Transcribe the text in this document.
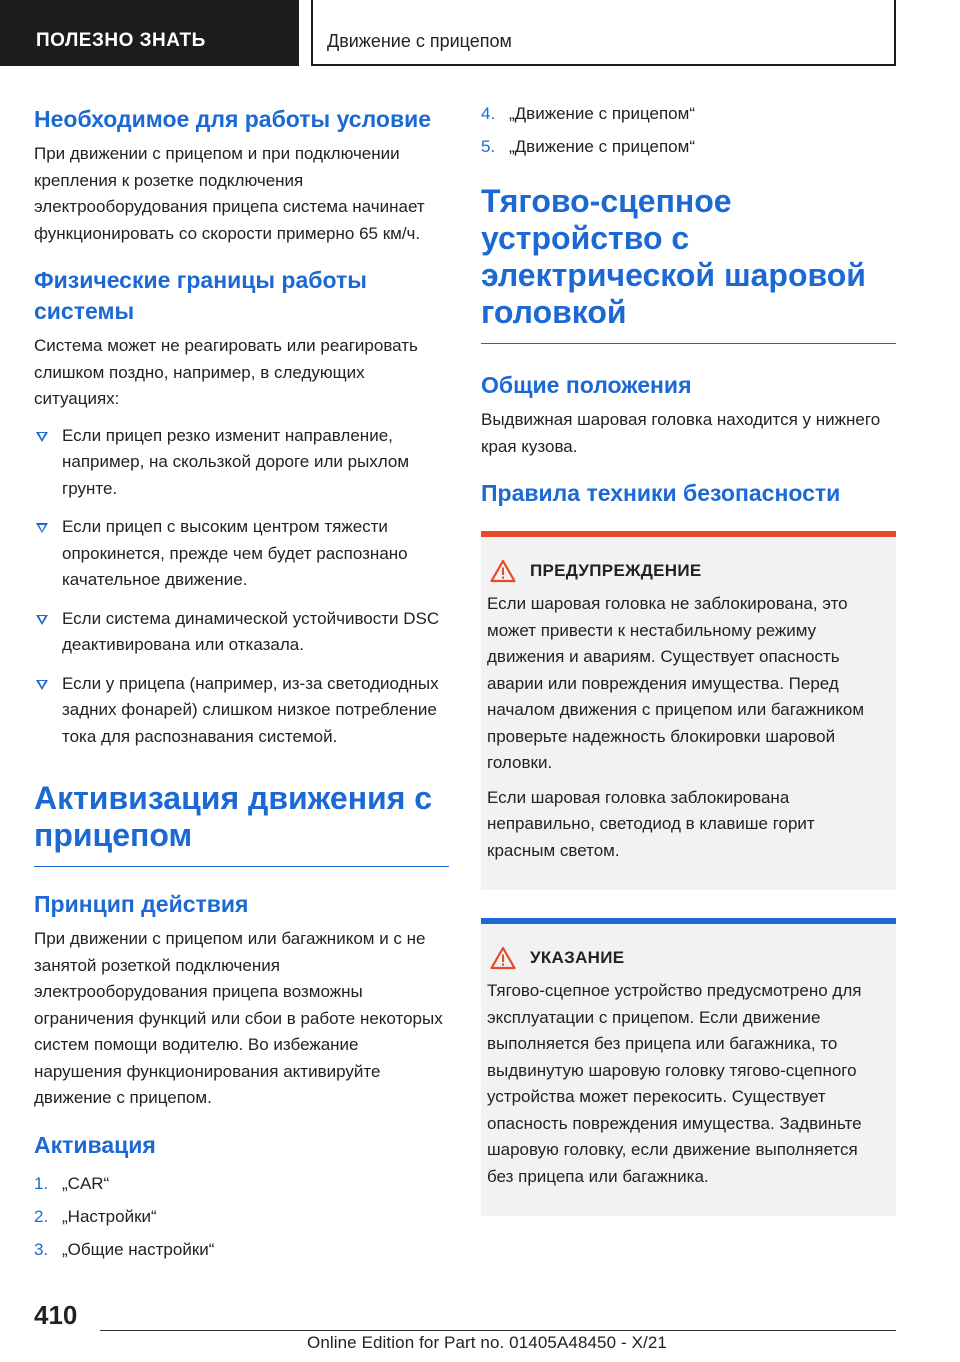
ПОЛЕЗНО ЗНАТЬ	Движение с прицепом
Необходимое для работы условие

При движении с прицепом и при подключении крепления к розетке подключения электрооборудования прицепа система начинает функционировать со скорости примерно 65 км/ч.

Физические границы работы системы

Система может не реагировать или реагировать слишком поздно, например, в следующих ситуациях:

Если прицеп резко изменит направление, например, на скользкой дороге или рыхлом грунте.
Если прицеп с высоким центром тяжести опрокинется, прежде чем будет распознано качательное движение.
Если система динамической устойчивости DSC деактивирована или отказала.
Если у прицепа (например, из-за светодиодных задних фонарей) слишком низкое потребление тока для распознавания системой.
Активизация движения с прицепом
Принцип действия

При движении с прицепом или багажником и с не занятой розеткой подключения электрооборудования прицепа возможны ограничения функций или сбои в работе некоторых систем помощи водителю. Во избежание нарушения функционирования активируйте движение с прицепом.

Активация
1. „CAR“
2. „Настройки“
3. „Общие настройки“
4. „Движение с прицепом“
5. „Движение с прицепом“
Тягово-сцепное устройство с электрической шаровой головкой
Общие положения

Выдвижная шаровая головка находится у нижнего края кузова.

Правила техники безопасности
ПРЕДУПРЕЖДЕНИЕ

Если шаровая головка не заблокирована, это может привести к нестабильному режиму движения и авариям. Существует опасность аварии или повреждения имущества. Перед началом движения с прицепом или багажником проверьте надежность блокировки шаровой головки.

Если шаровая головка заблокирована неправильно, светодиод в клавише горит красным светом.

УКАЗАНИЕ

Тягово-сцепное устройство предусмотрено для эксплуатации с прицепом. Если движение выполняется без прицепа или багажника, то выдвинутую шаровую головку тягово-сцепного устройства может перекосить. Существует опасность повреждения имущества. Задвиньте шаровую головку, если движение выполняется без прицепа или багажника.

410
Online Edition for Part no. 01405A48450 - X/21
